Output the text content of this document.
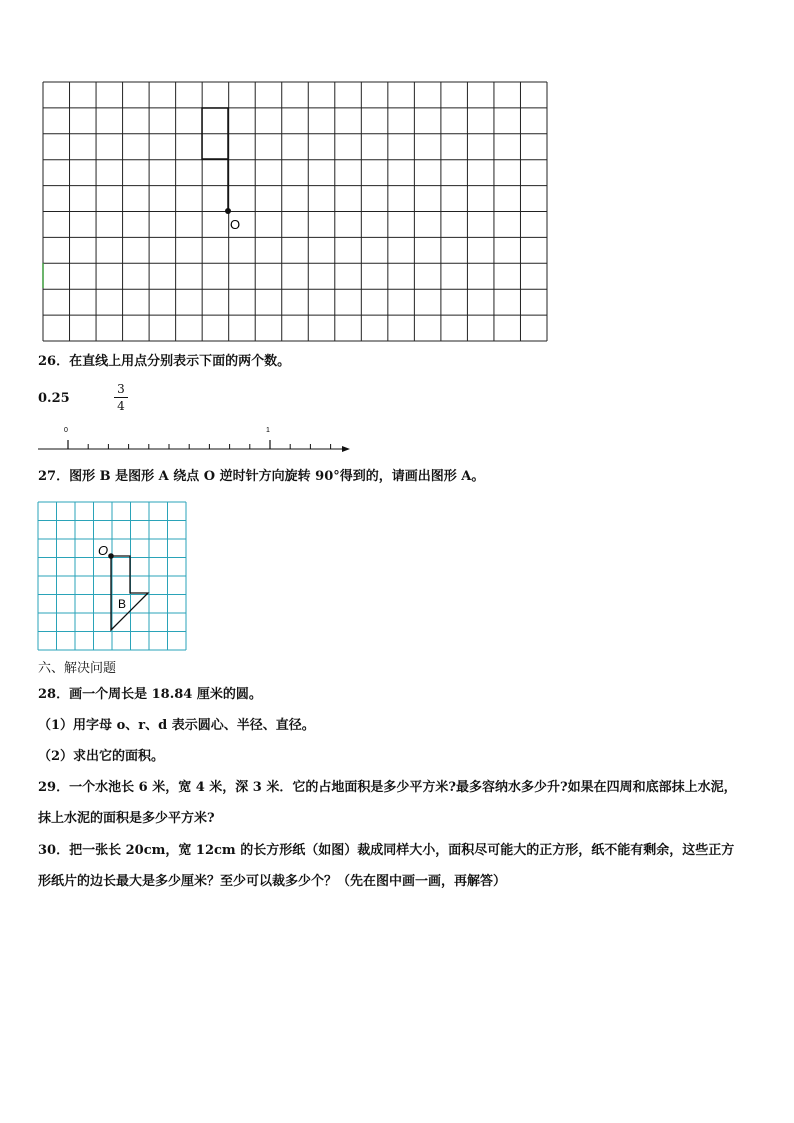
O
26．在直线上用点分别表示下面的两个数。
0.25
3
4
0	1
27．图形 B 是图形 A 绕点 O 逆时针方向旋转 90°得到的，请画出图形 A。
O
B
六、解决问题
28．画一个周长是 18.84 厘米的圆。
（1）用字母 o、r、d 表示圆心、半径、直径。
（2）求出它的面积。
29．一个水池长 6 米，宽 4 米，深 3 米．它的占地面积是多少平方米?最多容纳水多少升?如果在四周和底部抹上水泥，
抹上水泥的面积是多少平方米?
30．把一张长 20cm，宽 12cm 的长方形纸（如图）裁成同样大小，面积尽可能大的正方形，纸不能有剩余，这些正方
形纸片的边长最大是多少厘米？至少可以裁多少个？（先在图中画一画，再解答）
